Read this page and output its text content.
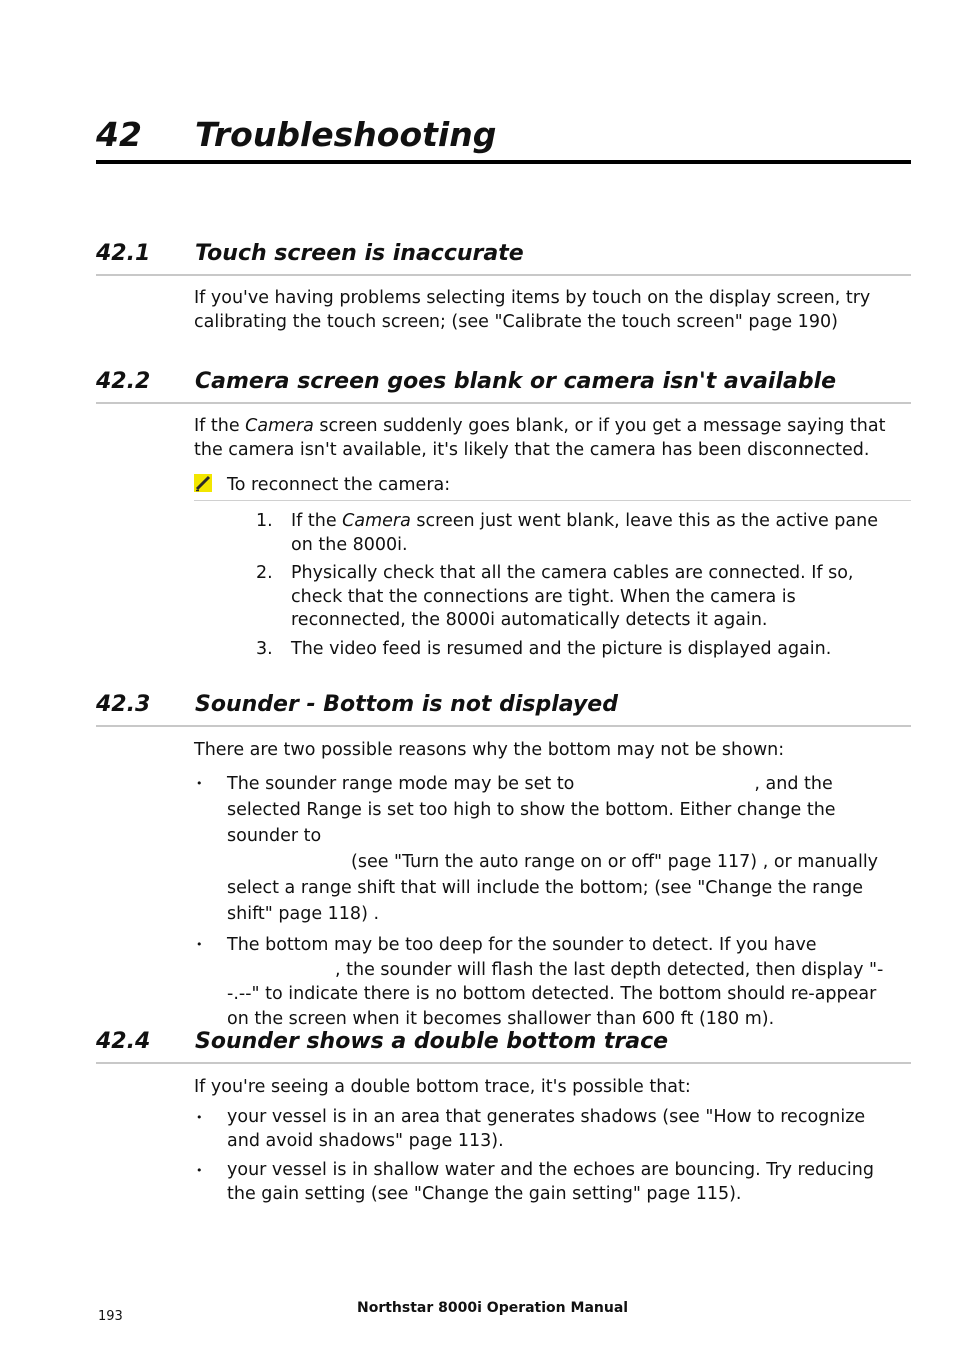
42 Troubleshooting
42.1 Touch screen is inaccurate
If you've having problems selecting items by touch on the display screen, try calibrating the touch screen; (see "Calibrate the touch screen" page 190)
42.2 Camera screen goes blank or camera isn't available
If the Camera screen suddenly goes blank, or if you get a message saying that the camera isn't available, it's likely that the camera has been disconnected.
To reconnect the camera:
1. If the Camera screen just went blank, leave this as the active pane on the 8000i.
2. Physically check that all the camera cables are connected. If so, check that the connections are tight. When the camera is reconnected, the 8000i automatically detects it again.
3. The video feed is resumed and the picture is displayed again.
42.3 Sounder - Bottom is not displayed
There are two possible reasons why the bottom may not be shown:
• The sounder range mode may be set to	, and the selected Range is set too high to show the bottom. Either change the sounder to
(see "Turn the auto range on or off" page 117) , or manually select a range shift that will include the bottom; (see "Change the range shift" page 118) .
• The bottom may be too deep for the sounder to detect. If you have
, the sounder will flash the last depth detected, then display "--.--" to indicate there is no bottom detected. The bottom should re-appear on the screen when it becomes shallower than 600 ft (180 m).
42.4 Sounder shows a double bottom trace
If you're seeing a double bottom trace, it's possible that:
• your vessel is in an area that generates shadows (see "How to recognize and avoid shadows" page 113).
• your vessel is in shallow water and the echoes are bouncing. Try reducing the gain setting (see "Change the gain setting" page 115).
193
Northstar 8000i Operation Manual
